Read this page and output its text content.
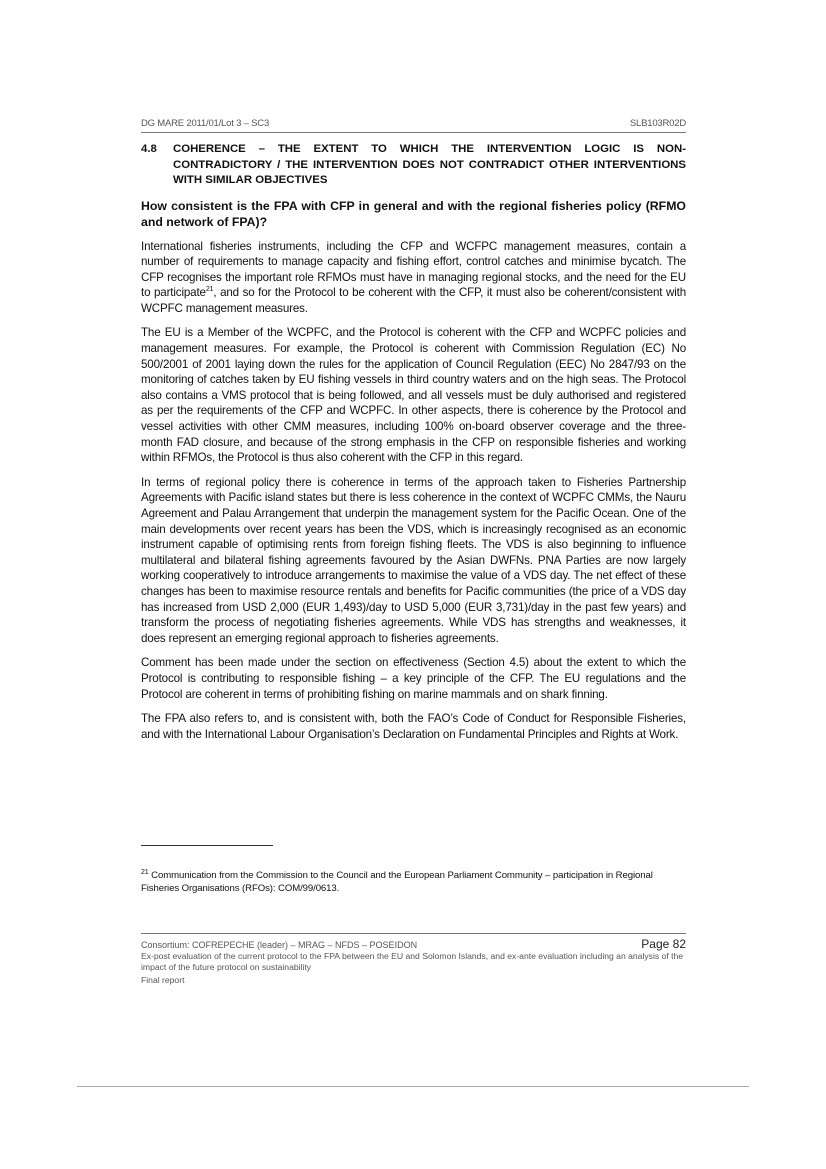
DG MARE 2011/01/Lot 3 – SC3	SLB103R02D
4.8	COHERENCE – THE EXTENT TO WHICH THE INTERVENTION LOGIC IS NON-CONTRADICTORY / THE INTERVENTION DOES NOT CONTRADICT OTHER INTERVENTIONS WITH SIMILAR OBJECTIVES

How consistent is the FPA with CFP in general and with the regional fisheries policy (RFMO and network of FPA)?

International fisheries instruments, including the CFP and WCFPC management measures, contain a number of requirements to manage capacity and fishing effort, control catches and minimise bycatch. The CFP recognises the important role RFMOs must have in managing regional stocks, and the need for the EU to participate$^{21}$, and so for the Protocol to be coherent with the CFP, it must also be coherent/consistent with WCPFC management measures.

The EU is a Member of the WCPFC, and the Protocol is coherent with the CFP and WCPFC policies and management measures. For example, the Protocol is coherent with Commission Regulation (EC) No 500/2001 of 2001 laying down the rules for the application of Council Regulation (EEC) No 2847/93 on the monitoring of catches taken by EU fishing vessels in third country waters and on the high seas. The Protocol also contains a VMS protocol that is being followed, and all vessels must be duly authorised and registered as per the requirements of the CFP and WCPFC. In other aspects, there is coherence by the Protocol and vessel activities with other CMM measures, including 100% on-board observer coverage and the three-month FAD closure, and because of the strong emphasis in the CFP on responsible fisheries and working within RFMOs, the Protocol is thus also coherent with the CFP in this regard.

In terms of regional policy there is coherence in terms of the approach taken to Fisheries Partnership Agreements with Pacific island states but there is less coherence in the context of WCPFC CMMs, the Nauru Agreement and Palau Arrangement that underpin the management system for the Pacific Ocean. One of the main developments over recent years has been the VDS, which is increasingly recognised as an economic instrument capable of optimising rents from foreign fishing fleets. The VDS is also beginning to influence multilateral and bilateral fishing agreements favoured by the Asian DWFNs. PNA Parties are now largely working cooperatively to introduce arrangements to maximise the value of a VDS day. The net effect of these changes has been to maximise resource rentals and benefits for Pacific communities (the price of a VDS day has increased from USD 2,000 (EUR 1,493)/day to USD 5,000 (EUR 3,731)/day in the past few years) and transform the process of negotiating fisheries agreements. While VDS has strengths and weaknesses, it does represent an emerging regional approach to fisheries agreements.

Comment has been made under the section on effectiveness (Section 4.5) about the extent to which the Protocol is contributing to responsible fishing – a key principle of the CFP. The EU regulations and the Protocol are coherent in terms of prohibiting fishing on marine mammals and on shark finning.

The FPA also refers to, and is consistent with, both the FAO’s Code of Conduct for Responsible Fisheries, and with the International Labour Organisation’s Declaration on Fundamental Principles and Rights at Work.

$^{21}$ Communication from the Commission to the Council and the European Parliament Community – participation in Regional Fisheries Organisations (RFOs): COM/99/0613.
Consortium: COFREPECHE (leader) – MRAG – NFDS – POSEIDON	Page 82
Ex-post evaluation of the current protocol to the FPA between the EU and Solomon Islands, and ex-ante evaluation including an analysis of the impact of the future protocol on sustainability
Final report
